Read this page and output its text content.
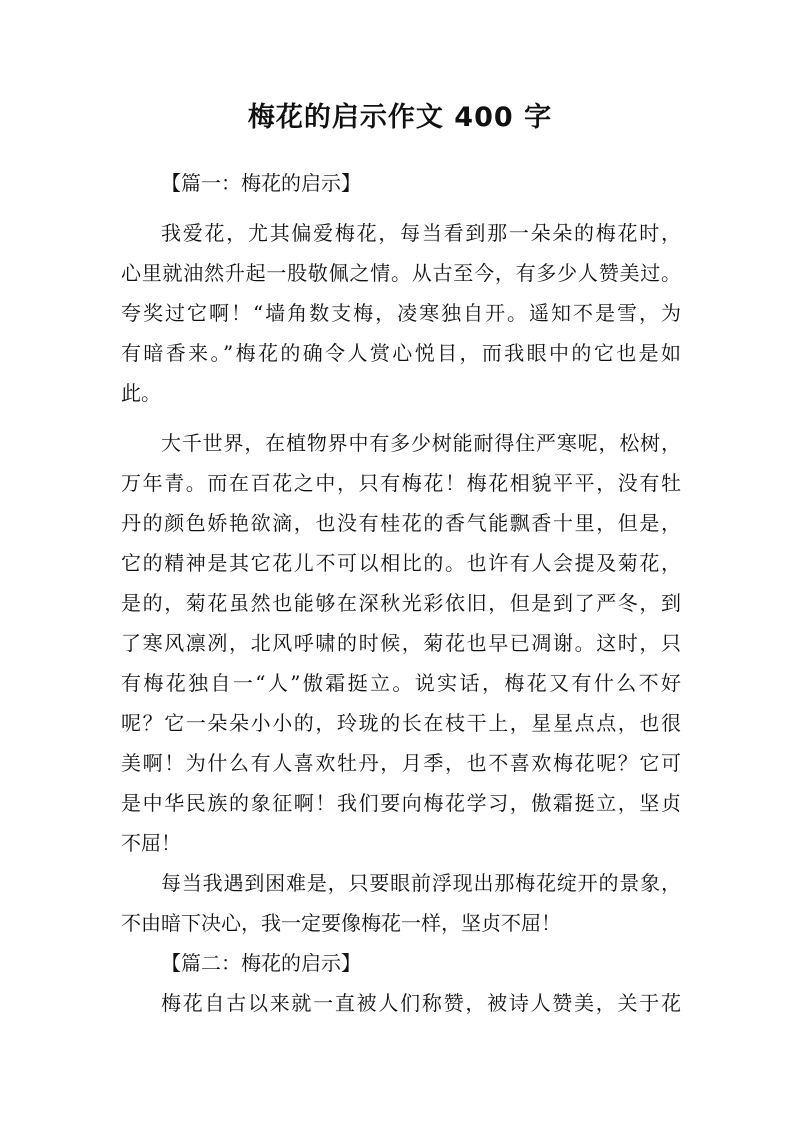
梅花的启示作文 400 字
【篇一：梅花的启示】
我爱花，尤其偏爱梅花，每当看到那一朵朵的梅花时，
心里就油然升起一股敬佩之情。从古至今，有多少人赞美过。
夸奖过它啊！“墙角数支梅，凌寒独自开。遥知不是雪，为
有暗香来。”梅花的确令人赏心悦目，而我眼中的它也是如
此。
大千世界，在植物界中有多少树能耐得住严寒呢，松树，
万年青。而在百花之中，只有梅花！梅花相貌平平，没有牡
丹的颜色娇艳欲滴，也没有桂花的香气能飘香十里，但是，
它的精神是其它花儿不可以相比的。也许有人会提及菊花，
是的，菊花虽然也能够在深秋光彩依旧，但是到了严冬，到
了寒风凛冽，北风呼啸的时候，菊花也早已凋谢。这时，只
有梅花独自一“人”傲霜挺立。说实话，梅花又有什么不好
呢？它一朵朵小小的，玲珑的长在枝干上，星星点点，也很
美啊！为什么有人喜欢牡丹，月季，也不喜欢梅花呢？它可
是中华民族的象征啊！我们要向梅花学习，傲霜挺立，坚贞
不屈！
每当我遇到困难是，只要眼前浮现出那梅花绽开的景象，
不由暗下决心，我一定要像梅花一样，坚贞不屈！
【篇二：梅花的启示】
梅花自古以来就一直被人们称赞，被诗人赞美，关于花
